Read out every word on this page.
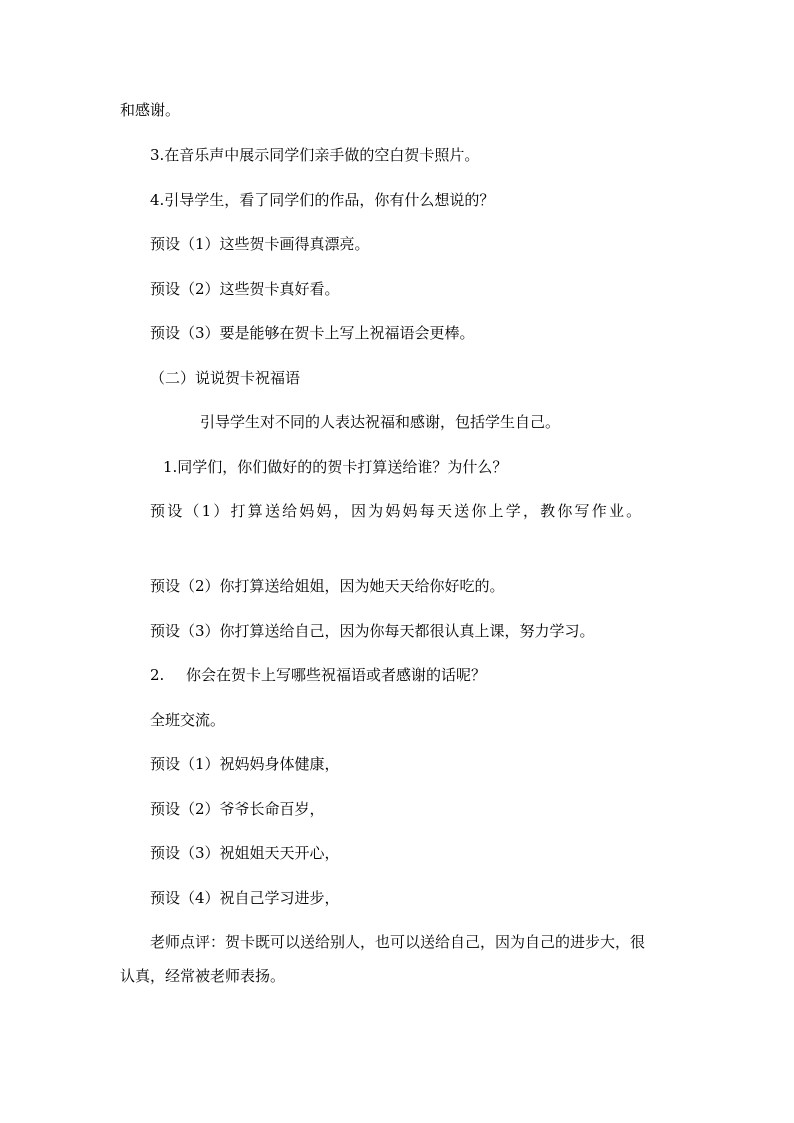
和感谢。
3.在音乐声中展示同学们亲手做的空白贺卡照片。
4.引导学生，看了同学们的作品，你有什么想说的？
预设（1）这些贺卡画得真漂亮。
预设（2）这些贺卡真好看。
预设（3）要是能够在贺卡上写上祝福语会更棒。
（二）说说贺卡祝福语
引导学生对不同的人表达祝福和感谢，包括学生自己。
1.同学们，你们做好的的贺卡打算送给谁？为什么？
预设（1）打算送给妈妈，因为妈妈每天送你上学，教你写作业。
预设（2）你打算送给姐姐，因为她天天给你好吃的。
预设（3）你打算送给自己，因为你每天都很认真上课，努力学习。
2. 你会在贺卡上写哪些祝福语或者感谢的话呢？
全班交流。
预设（1）祝妈妈身体健康，
预设（2）爷爷长命百岁，
预设（3）祝姐姐天天开心，
预设（4）祝自己学习进步，
老师点评：贺卡既可以送给别人，也可以送给自己，因为自己的进步大，很
认真，经常被老师表扬。
